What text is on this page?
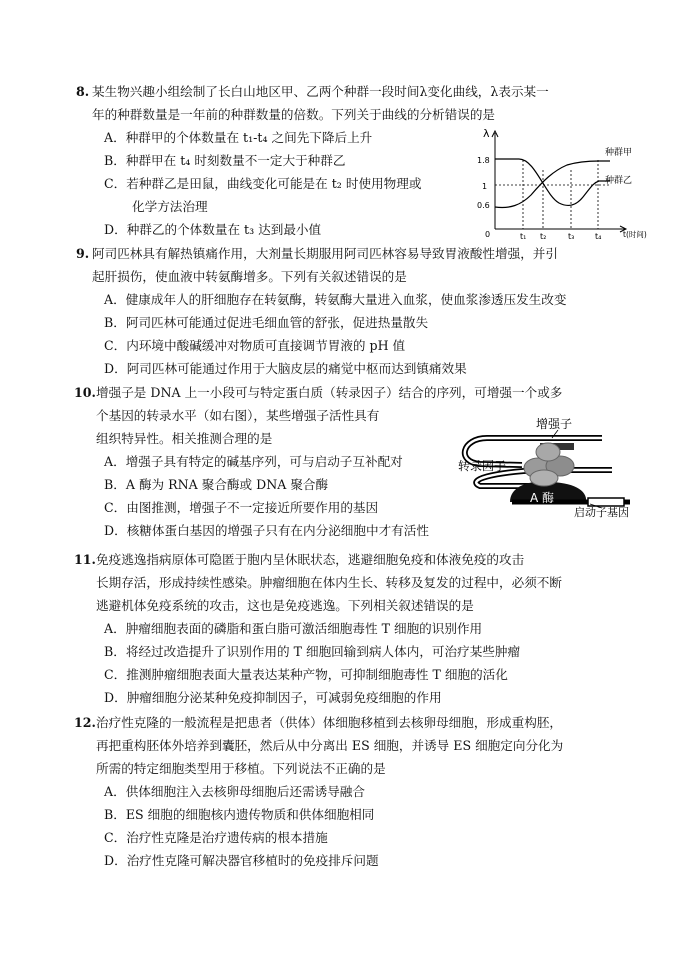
8. 某生物兴趣小组绘制了长白山地区甲、乙两个种群一段时间λ变化曲线，λ表示某一
年的种群数量是一年前的种群数量的倍数。下列关于曲线的分析错误的是
A．种群甲的个体数量在 t₁-t₄ 之间先下降后上升
B．种群甲在 t₄ 时刻数量不一定大于种群乙
C．若种群乙是田鼠，曲线变化可能是在 t₂ 时使用物理或
化学方法治理
D．种群乙的个体数量在 t₃ 达到最小值
λ
1.8
1
0.6
0	t₁ t₂	t₃	t₄	t(时间)
种群甲
种群乙
9. 阿司匹林具有解热镇痛作用，大剂量长期服用阿司匹林容易导致胃液酸性增强，并引
起肝损伤，使血液中转氨酶增多。下列有关叙述错误的是
A．健康成年人的肝细胞存在转氨酶，转氨酶大量进入血浆，使血浆渗透压发生改变
B．阿司匹林可能通过促进毛细血管的舒张，促进热量散失
C．内环境中酸碱缓冲对物质可直接调节胃液的 pH 值
D．阿司匹林可能通过作用于大脑皮层的痛觉中枢而达到镇痛效果
10. 增强子是 DNA 上一小段可与特定蛋白质（转录因子）结合的序列，可增强一个或多
个基因的转录水平（如右图），某些增强子活性具有
组织特异性。相关推测合理的是
A．增强子具有特定的碱基序列，可与启动子互补配对
B．A 酶为 RNA 聚合酶或 DNA 聚合酶
C．由图推测，增强子不一定接近所要作用的基因
D．核糖体蛋白基因的增强子只有在内分泌细胞中才有活性
增强子
转录因子
A 酶
启动子基因
11. 免疫逃逸指病原体可隐匿于胞内呈休眠状态，逃避细胞免疫和体液免疫的攻击
长期存活，形成持续性感染。肿瘤细胞在体内生长、转移及复发的过程中，必须不断
逃避机体免疫系统的攻击，这也是免疫逃逸。下列相关叙述错误的是
A．肿瘤细胞表面的磷脂和蛋白脂可激活细胞毒性 T 细胞的识别作用
B．将经过改造提升了识别作用的 T 细胞回输到病人体内，可治疗某些肿瘤
C．推测肿瘤细胞表面大量表达某种产物，可抑制细胞毒性 T 细胞的活化
D．肿瘤细胞分泌某种免疫抑制因子，可减弱免疫细胞的作用
12. 治疗性克隆的一般流程是把患者（供体）体细胞移植到去核卵母细胞，形成重构胚，
再把重构胚体外培养到囊胚，然后从中分离出 ES 细胞，并诱导 ES 细胞定向分化为
所需的特定细胞类型用于移植。下列说法不正确的是
A．供体细胞注入去核卵母细胞后还需诱导融合
B．ES 细胞的细胞核内遗传物质和供体细胞相同
C．治疗性克隆是治疗遗传病的根本措施
D．治疗性克隆可解决器官移植时的免疫排斥问题
